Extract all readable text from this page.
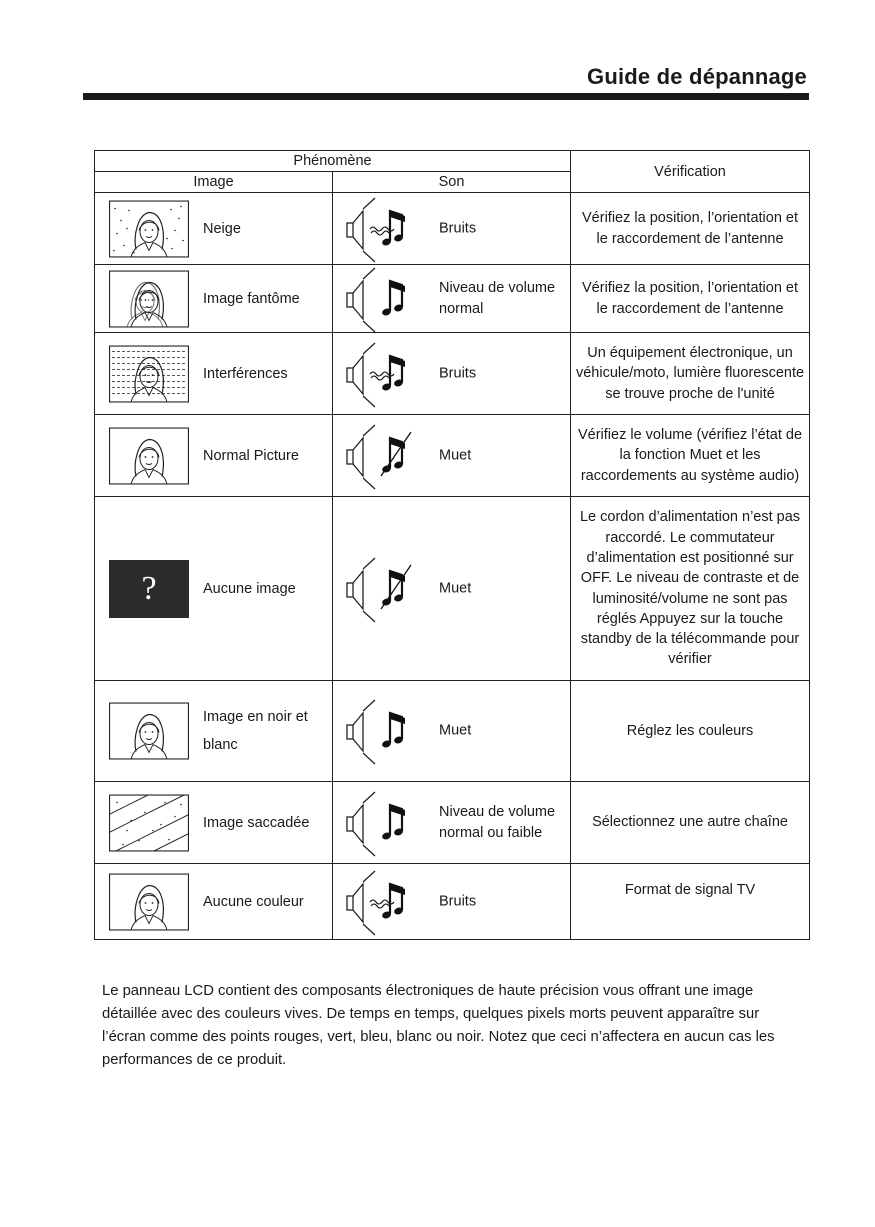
Guide de dépannage
Phénomène		Vérification
Image	Son	

Neige	Bruits	Vérifiez la position, l’orientation et le raccordement de l’antenne

Image fantôme	Niveau de volume normal	Vérifiez la position, l’orientation et le raccordement de l’antenne

Interférences	Bruits	Un équipement électronique, un véhicule/moto, lumière fluorescente se trouve proche de l'unité

Normal Picture	Muet	Vérifiez le volume (vérifiez l’état de la fonction Muet et les raccordements au système audio)

? Aucune image	Muet	Le cordon d’alimentation n’est pas raccordé. Le commutateur d’alimentation est positionné sur OFF. Le niveau de contraste et de luminosité/volume ne sont pas réglés Appuyez sur la touche standby de la télécommande pour vérifier

Image en noir et blanc	Muet	Réglez les couleurs

Image saccadée	Niveau de volume normal ou faible	Sélectionnez une autre chaîne

Aucune couleur	Bruits	Format de signal TV
Le panneau LCD contient des composants électroniques de haute précision vous offrant une image détaillée avec des couleurs vives. De temps en temps, quelques pixels morts peuvent apparaître sur l’écran comme des points rouges, vert, bleu, blanc ou noir. Notez que ceci n’affectera en aucun cas les performances de ce produit.
